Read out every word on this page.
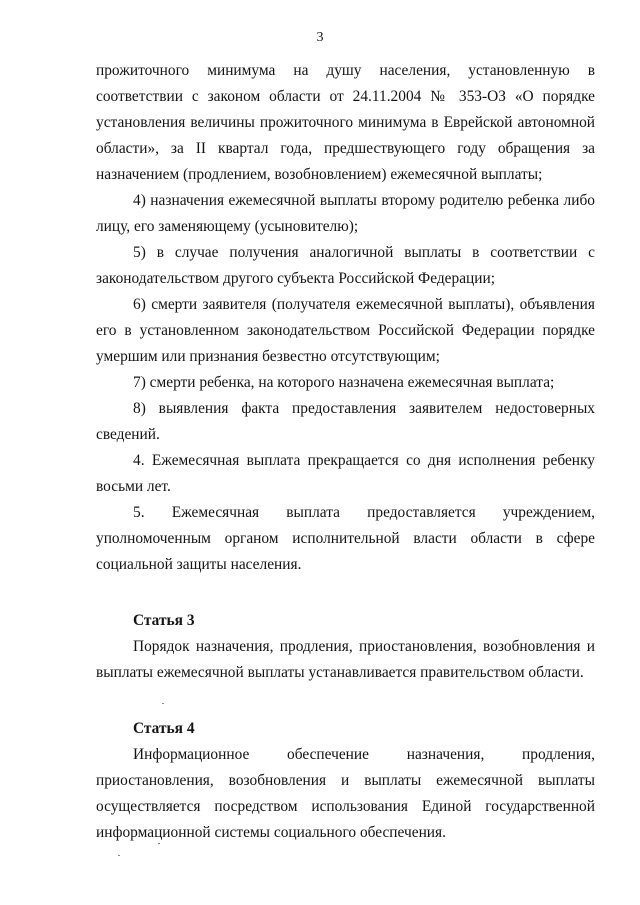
3

прожиточного минимума на душу населения, установленную в соответствии с законом области от 24.11.2004 № 353-ОЗ «О порядке установления величины прожиточного минимума в Еврейской автономной области», за II квартал года, предшествующего году обращения за назначением (продлением, возобновлением) ежемесячной выплаты;

4) назначения ежемесячной выплаты второму родителю ребенка либо лицу, его заменяющему (усыновителю);

5) в случае получения аналогичной выплаты в соответствии с законодательством другого субъекта Российской Федерации;

6) смерти заявителя (получателя ежемесячной выплаты), объявления его в установленном законодательством Российской Федерации порядке умершим или признания безвестно отсутствующим;

7) смерти ребенка, на которого назначена ежемесячная выплата;

8) выявления факта предоставления заявителем недостоверных сведений.

4. Ежемесячная выплата прекращается со дня исполнения ребенку восьми лет.

5. Ежемесячная выплата предоставляется учреждением, уполномоченным органом исполнительной власти области в сфере социальной защиты населения.

Статья 3

Порядок назначения, продления, приостановления, возобновления и выплаты ежемесячной выплаты устанавливается правительством области.

Статья 4

Информационное обеспечение назначения, продления, приостановления, возобновления и выплаты ежемесячной выплаты осуществляется посредством использования Единой государственной информационной системы социального обеспечения.
